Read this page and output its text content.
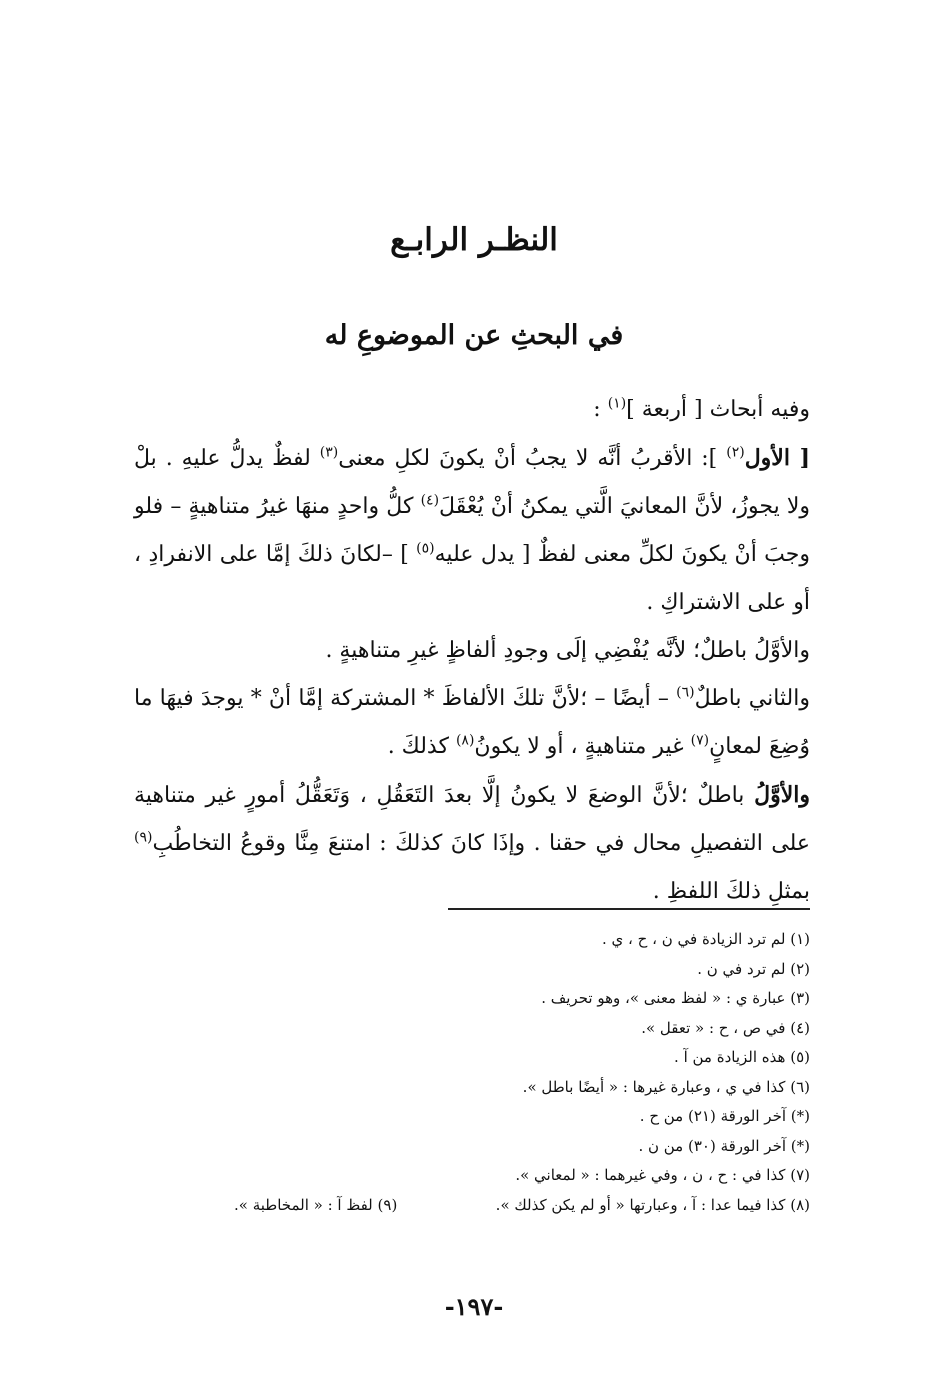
النظـر الرابـع
في البحثِ عن الموضوعِ له

وفيه أبحاث [ أربعة ]$^{(١)}$ :

[ الأول$^{(٢)}$ ]: الأقربُ أنَّه لا يجبُ أنْ يكونَ لكلِ معنى$^{(٣)}$ لفظٌ يدلُّ عليهِ . بلْ ولا يجوزُ، لأنَّ المعانيَ الَّتي يمكنُ أنْ يُعْقَلَ$^{(٤)}$ كلُّ واحدٍ منهَا غيرُ متناهيةٍ – فلو وجبَ أنْ يكونَ لكلِّ معنى لفظٌ [ يدل عليه$^{(٥)}$ ] –لكانَ ذلكَ إمَّا على الانفرادِ ، أو على الاشتراكِ .

والأوَّلُ باطلٌ؛ لأنَّه يُفْضِي إلَى وجودِ ألفاظٍ غيرِ متناهيةٍ .

والثاني باطلٌ$^{(٦)}$ – أيضًا – ؛لأنَّ تلكَ الألفاظَ * المشتركة إمَّا أنْ * يوجدَ فيهَا ما وُضِعَ لمعانٍ$^{(٧)}$ غير متناهيةٍ ، أو لا يكونُ$^{(٨)}$ كذلكَ .

والأوَّلُ باطلٌ ؛لأنَّ الوضعَ لا يكونُ إلَّا بعدَ التَعَقُلِ ، وَتَعَقُّلُ أمورٍ غير متناهية على التفصيلِ محال في حقنا . وإذَا كانَ كذلكَ : امتنعَ مِنَّا وقوعُ التخاطُبِ$^{(٩)}$ بمثلِ ذلكَ اللفظِ .

(١) لم ترد الزيادة في ن ، ح ، ي .

(٢) لم ترد في ن .

(٣) عبارة ي : « لفظ معنى »، وهو تحريف .

(٤) في ص ، ح : « تعقل ».

(٥) هذه الزيادة من آ .

(٦) كذا في ي ، وعبارة غيرها : « أيضًا باطل ».

(*) آخر الورقة (٢١) من ح .

(*) آخر الورقة (٣٠) من ن .

(٧) كذا في : ح ، ن ، وفي غيرهما : « لمعاني ».

(٨) كذا فيما عدا : آ ، وعبارتها « أو لم يكن كذلك ».

(٩) لفظ آ : « المخاطبة ».

-١٩٧-
